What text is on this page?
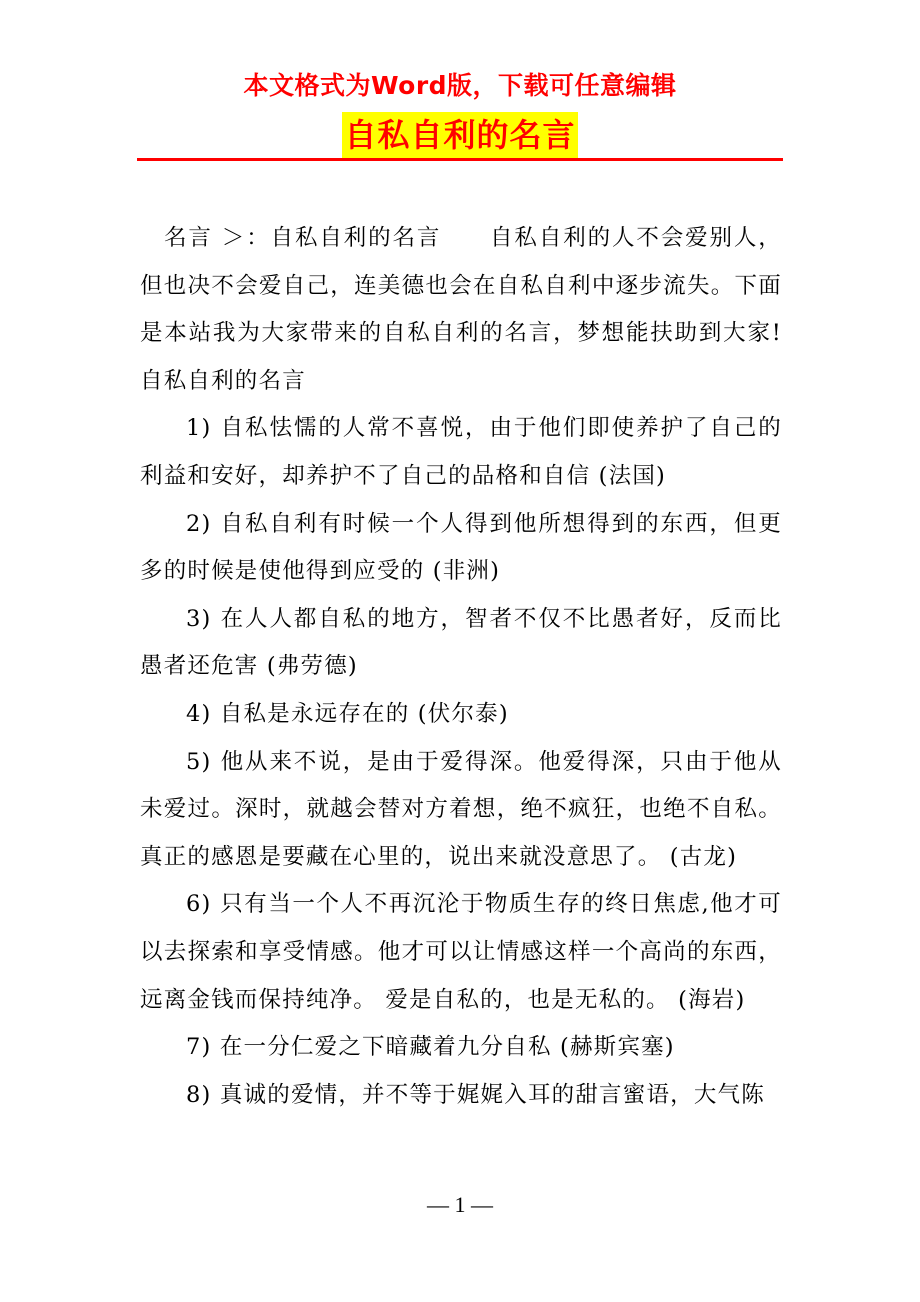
本文格式为Word版，下载可任意编辑
自私自利的名言

名言 ＞：自私自利的名言　　自私自利的人不会爱别人，但也决不会爱自己，连美德也会在自私自利中逐步流失。下面是本站我为大家带来的自私自利的名言，梦想能扶助到大家!　　自私自利的名言

1) 自私怯懦的人常不喜悦，由于他们即使养护了自己的利益和安好，却养护不了自己的品格和自信 (法国)

2) 自私自利有时候一个人得到他所想得到的东西，但更多的时候是使他得到应受的 (非洲)

3) 在人人都自私的地方，智者不仅不比愚者好，反而比愚者还危害 (弗劳德)

4) 自私是永远存在的 (伏尔泰)

5) 他从来不说，是由于爱得深。他爱得深，只由于他从未爱过。深时，就越会替对方着想，绝不疯狂，也绝不自私。真正的感恩是要藏在心里的，说出来就没意思了。 (古龙)

6) 只有当一个人不再沉沦于物质生存的终日焦虑,他才可以去探索和享受情感。他才可以让情感这样一个高尚的东西，远离金钱而保持纯净。 爱是自私的，也是无私的。 (海岩)

7) 在一分仁爱之下暗藏着九分自私 (赫斯宾塞)

8) 真诚的爱情，并不等于娓娓入耳的甜言蜜语，大气陈

— 1 —
